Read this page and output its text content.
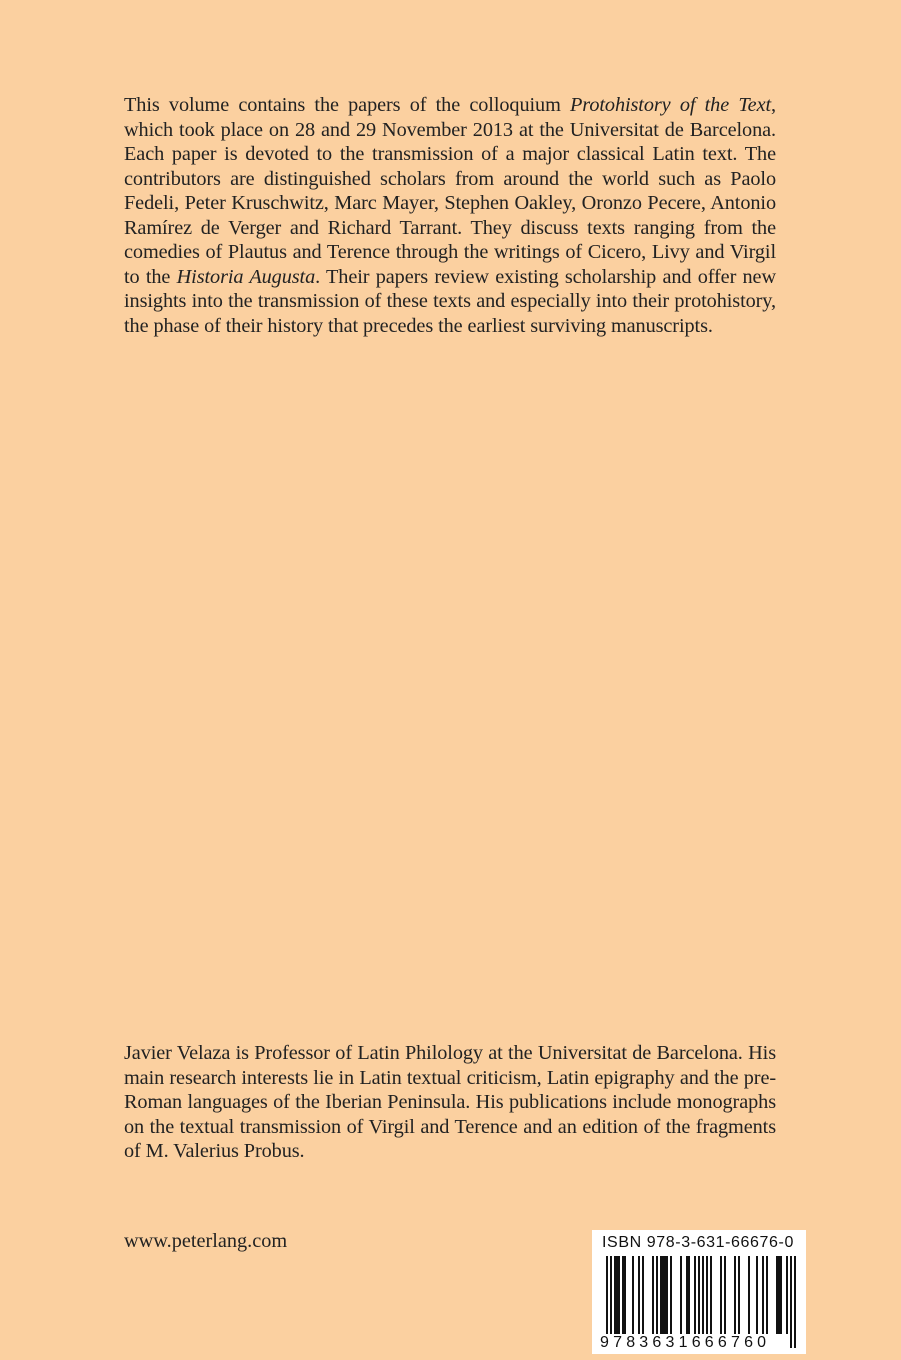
This volume contains the papers of the colloquium Protohistory of the Text, which took place on 28 and 29 November 2013 at the Universitat de Barcelona. Each paper is devoted to the transmission of a major classical Latin text. The contributors are distinguished scholars from around the world such as Paolo Fedeli, Peter Kruschwitz, Marc Mayer, Stephen Oakley, Oronzo Pecere, Antonio Ramírez de Verger and Richard Tarrant. They discuss texts ranging from the comedies of Plautus and Terence through the writings of Cicero, Livy and Virgil to the Historia Augusta. Their papers review existing scholarship and offer new insights into the transmission of these texts and especially into their protohistory, the phase of their history that precedes the earliest surviving manuscripts.

Javier Velaza is Professor of Latin Philology at the Universitat de Barcelona. His main research interests lie in Latin textual criticism, Latin epigraphy and the pre-Roman languages of the Iberian Peninsula. His publications include monographs on the textual transmission of Virgil and Terence and an edition of the fragments of M. Valerius Probus.

www.peterlang.com	ISBN 978-3-631-66676-0
9783631666760
